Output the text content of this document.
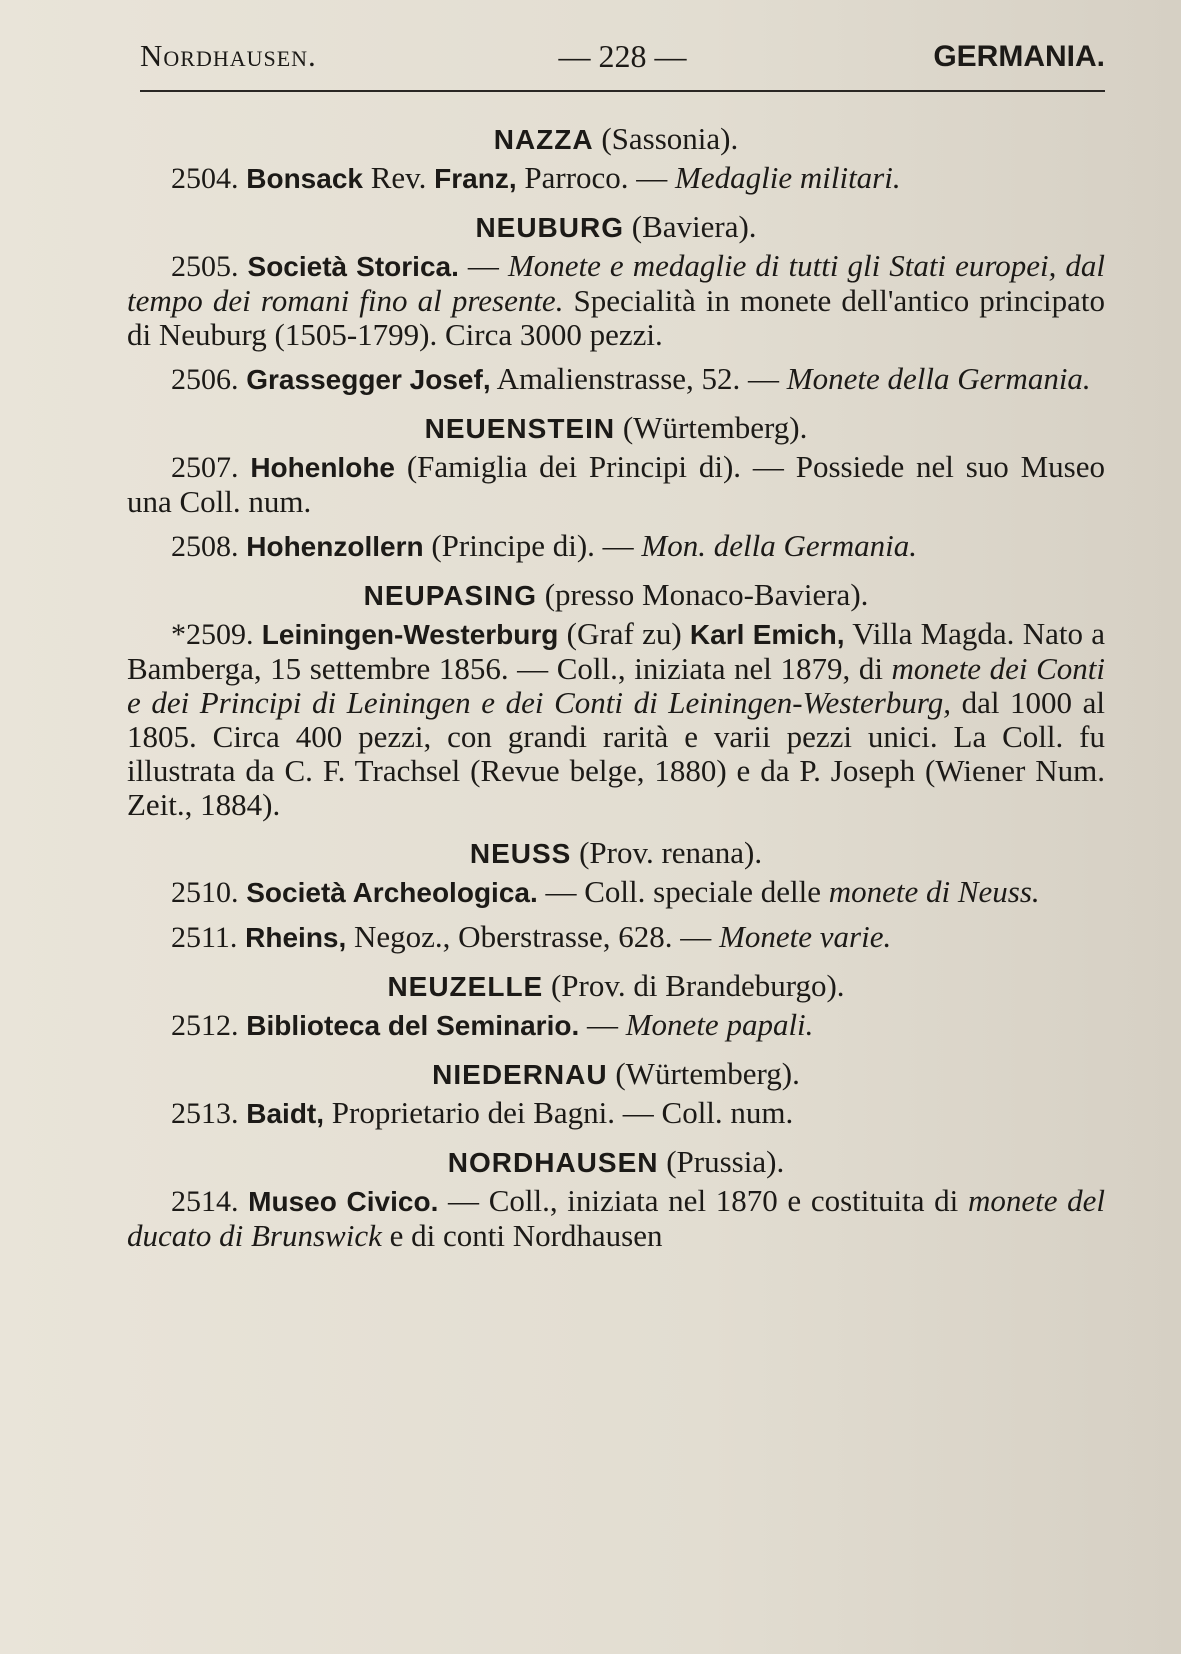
Nordhausen.	— 228 —	GERMANIA.

NAZZA (Sassonia).

2504. Bonsack Rev. Franz, Parroco. — Medaglie militari.

NEUBURG (Baviera).

2505. Società Storica. — Monete e medaglie di tutti gli Stati europei, dal tempo dei romani fino al presente. Specialità in monete dell'antico principato di Neuburg (1505-1799). Circa 3000 pezzi.

2506. Grassegger Josef, Amalienstrasse, 52. — Monete della Germania.

NEUENSTEIN (Würtemberg).

2507. Hohenlohe (Famiglia dei Principi di). — Possiede nel suo Museo una Coll. num.

2508. Hohenzollern (Principe di). — Mon. della Germania.

NEUPASING (presso Monaco-Baviera).

*2509. Leiningen-Westerburg (Graf zu) Karl Emich, Villa Magda. Nato a Bamberga, 15 settembre 1856. — Coll., iniziata nel 1879, di monete dei Conti e dei Principi di Leiningen e dei Conti di Leiningen-Westerburg, dal 1000 al 1805. Circa 400 pezzi, con grandi rarità e varii pezzi unici. La Coll. fu illustrata da C. F. Trachsel (Revue belge, 1880) e da P. Joseph (Wiener Num. Zeit., 1884).

NEUSS (Prov. renana).

2510. Società Archeologica. — Coll. speciale delle monete di Neuss.

2511. Rheins, Negoz., Oberstrasse, 628. — Monete varie.

NEUZELLE (Prov. di Brandeburgo).

2512. Biblioteca del Seminario. — Monete papali.

NIEDERNAU (Würtemberg).

2513. Baidt, Proprietario dei Bagni. — Coll. num.

NORDHAUSEN (Prussia).

2514. Museo Civico. — Coll., iniziata nel 1870 e costituita di monete del ducato di Brunswick e di conti Nordhausen
